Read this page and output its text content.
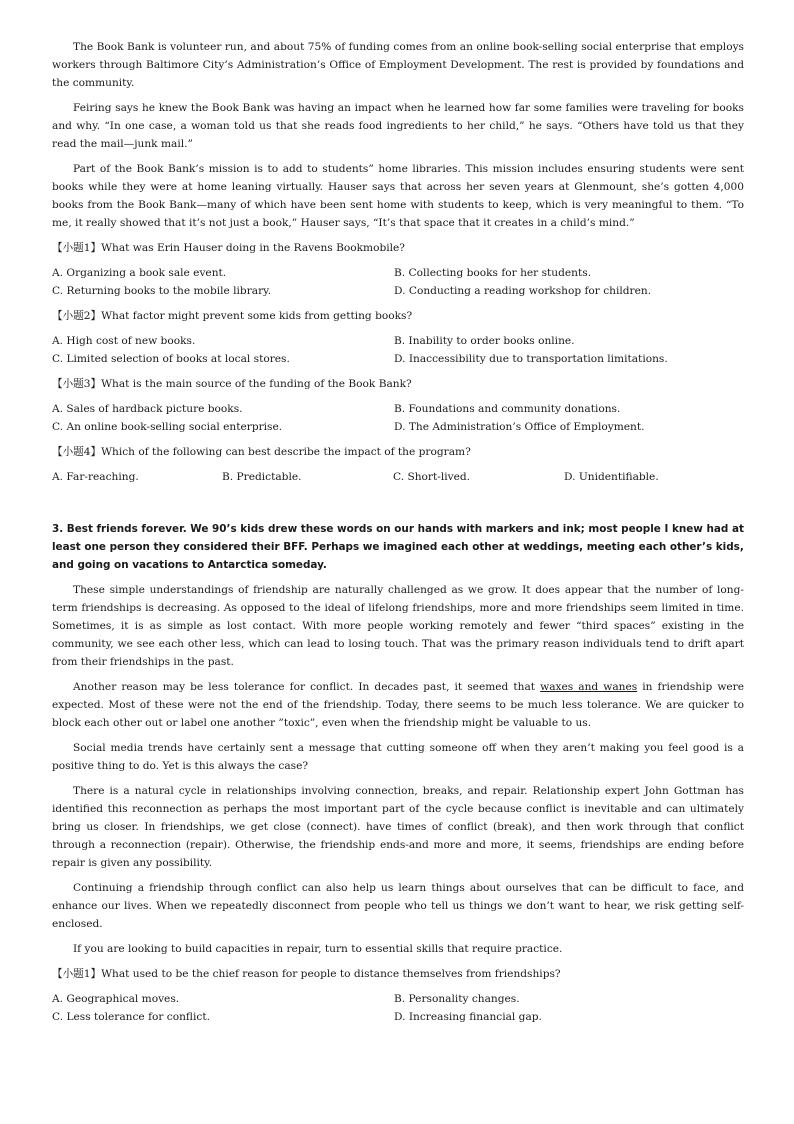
The Book Bank is volunteer run, and about 75% of funding comes from an online book-selling social enterprise that employs workers through Baltimore City’s Administration’s Office of Employment Development. The rest is provided by foundations and the community.

Feiring says he knew the Book Bank was having an impact when he learned how far some families were traveling for books and why. “In one case, a woman told us that she reads food ingredients to her child,” he says. “Others have told us that they read the mail—junk mail.”

Part of the Book Bank’s mission is to add to students” home libraries. This mission includes ensuring students were sent books while they were at home leaning virtually. Hauser says that across her seven years at Glenmount, she’s gotten 4,000 books from the Book Bank—many of which have been sent home with students to keep, which is very meaningful to them. “To me, it really showed that it’s not just a book,” Hauser says, “It’s that space that it creates in a child’s mind.”

【小题1】What was Erin Hauser doing in the Ravens Bookmobile?
A. Organizing a book sale event.	B. Collecting books for her students.
C. Returning books to the mobile library.	D. Conducting a reading workshop for children.
【小题2】What factor might prevent some kids from getting books?
A. High cost of new books.	B. Inability to order books online.
C. Limited selection of books at local stores.	D. Inaccessibility due to transportation limitations.
【小题3】What is the main source of the funding of the Book Bank?
A. Sales of hardback picture books.	B. Foundations and community donations.
C. An online book-selling social enterprise.	D. The Administration’s Office of Employment.
【小题4】Which of the following can best describe the impact of the program?
A. Far-reaching.	B. Predictable.	C. Short-lived.	D. Unidentifiable.

3. Best friends forever. We 90’s kids drew these words on our hands with markers and ink; most people I knew had at least one person they considered their BFF. Perhaps we imagined each other at weddings, meeting each other’s kids, and going on vacations to Antarctica someday.

These simple understandings of friendship are naturally challenged as we grow. It does appear that the number of long-term friendships is decreasing. As opposed to the ideal of lifelong friendships, more and more friendships seem limited in time. Sometimes, it is as simple as lost contact. With more people working remotely and fewer “third spaces” existing in the community, we see each other less, which can lead to losing touch. That was the primary reason individuals tend to drift apart from their friendships in the past.

Another reason may be less tolerance for conflict. In decades past, it seemed that waxes and wanes in friendship were expected. Most of these were not the end of the friendship. Today, there seems to be much less tolerance. We are quicker to block each other out or label one another ”toxic”, even when the friendship might be valuable to us.

Social media trends have certainly sent a message that cutting someone off when they aren’t making you feel good is a positive thing to do. Yet is this always the case?

There is a natural cycle in relationships involving connection, breaks, and repair. Relationship expert John Gottman has identified this reconnection as perhaps the most important part of the cycle because conflict is inevitable and can ultimately bring us closer. In friendships, we get close (connect). have times of conflict (break), and then work through that conflict through a reconnection (repair). Otherwise, the friendship ends-and more and more, it seems, friendships are ending before repair is given any possibility.

Continuing a friendship through conflict can also help us learn things about ourselves that can be difficult to face, and enhance our lives. When we repeatedly disconnect from people who tell us things we don’t want to hear, we risk getting self-enclosed.

If you are looking to build capacities in repair, turn to essential skills that require practice.

【小题1】What used to be the chief reason for people to distance themselves from friendships?
A. Geographical moves.	B. Personality changes.
C. Less tolerance for conflict.	D. Increasing financial gap.
